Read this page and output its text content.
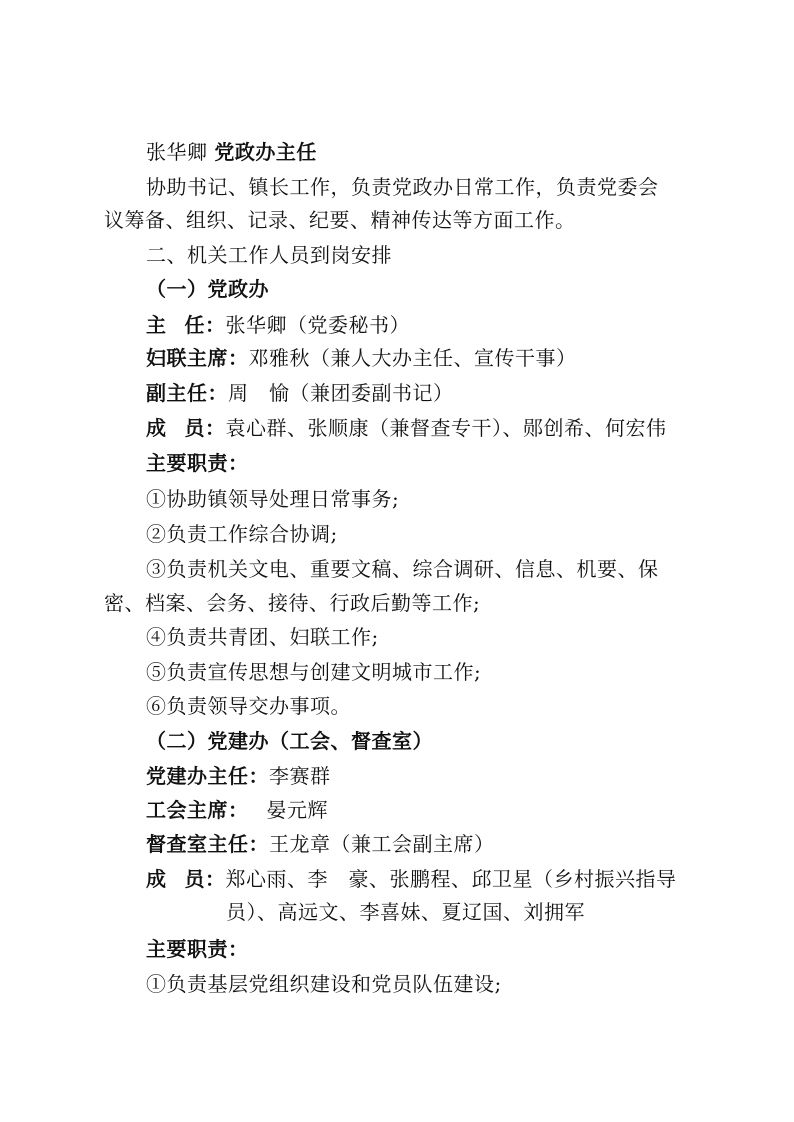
张华卿 党政办主任
协助书记、镇长工作，负责党政办日常工作，负责党委会
议筹备、组织、记录、纪要、精神传达等方面工作。
二、机关工作人员到岗安排
（一）党政办
主 任：张华卿（党委秘书）
妇联主席：邓雅秋（兼人大办主任、宣传干事）
副主任：周　愉（兼团委副书记）
成 员：袁心群、张顺康（兼督查专干）、郧创希、何宏伟
主要职责：
①协助镇领导处理日常事务;
②负责工作综合协调;
③负责机关文电、重要文稿、综合调研、信息、机要、保
密、档案、会务、接待、行政后勤等工作;
④负责共青团、妇联工作;
⑤负责宣传思想与创建文明城市工作;
⑥负责领导交办事项。
（二）党建办（工会、督查室）
党建办主任：李赛群
工会主席： 晏元辉
督查室主任：王龙章（兼工会副主席）
成 员：郑心雨、李　豪、张鹏程、邱卫星（乡村振兴指导
员）、高远文、李喜妹、夏辽国、刘拥军
主要职责：
①负责基层党组织建设和党员队伍建设;
